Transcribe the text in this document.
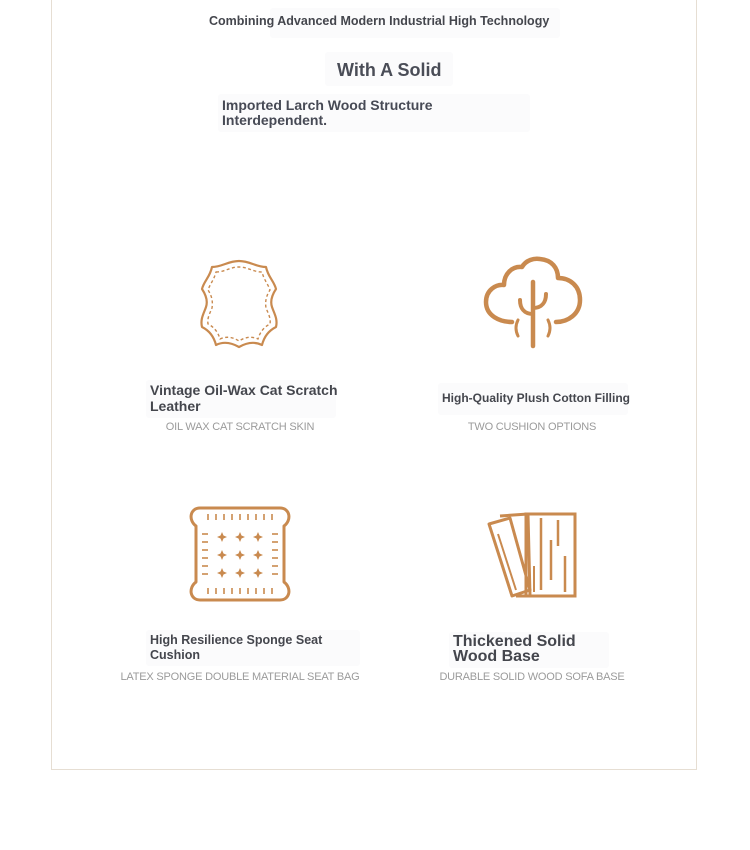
Combining Advanced Modern Industrial High Technology
With A Solid
Imported Larch Wood Structure Interdependent.
Vintage Oil-Wax Cat Scratch Leather
OIL WAX CAT SCRATCH SKIN
High-Quality Plush Cotton Filling
TWO CUSHION OPTIONS
High Resilience Sponge Seat Cushion
LATEX SPONGE DOUBLE MATERIAL SEAT BAG
Thickened Solid Wood Base
DURABLE SOLID WOOD SOFA BASE
